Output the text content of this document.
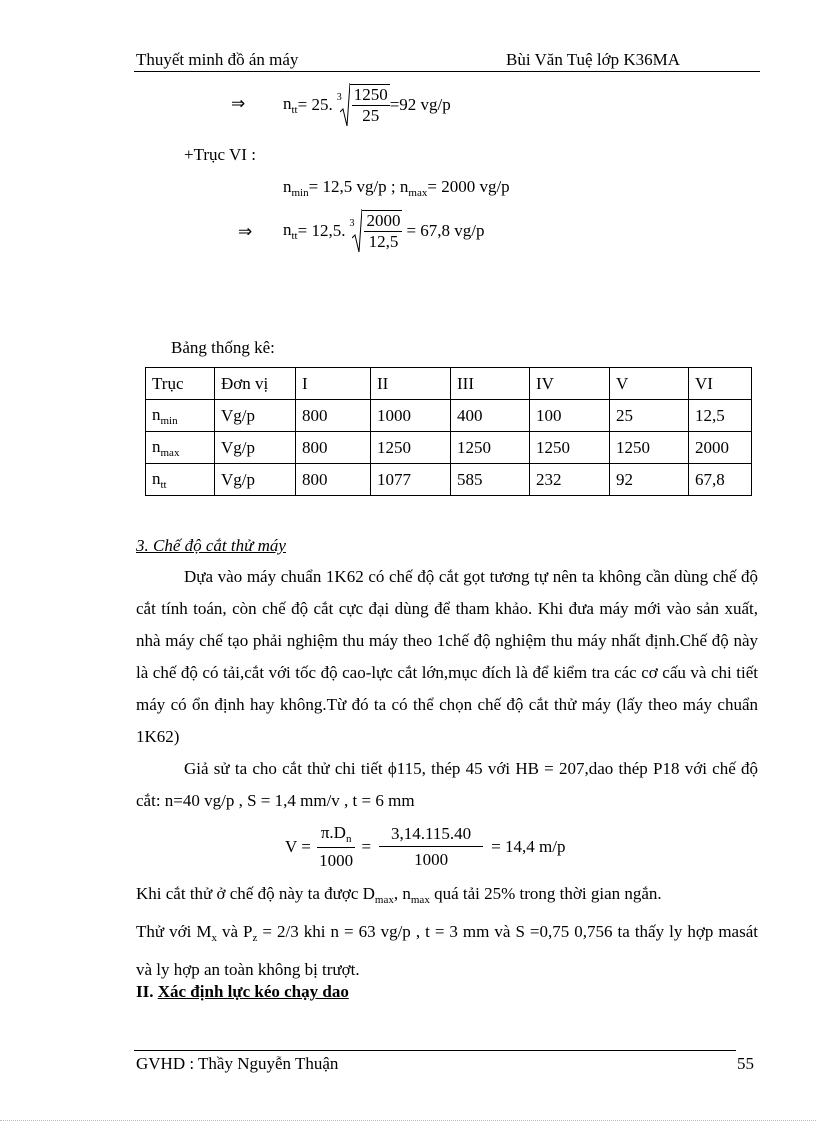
Thuyết minh đồ án máy	Bùi Văn Tuệ lớp K36MA
⇒ $n_{tt} = 25$. $3 \frac{1250}{25} =92$ vg/p
+Trục VI :
$n_{min}= 12,5$ vg/p ; $n_{max}= 2000$ vg/p
⇒ $n_{tt} = 12,5$. $3 \frac{2000}{12,5} = 67,8$ vg/p
Bảng thống kê:
Trục	Đơn vị	I	II	III	IV	V	VI
$n_{min}$	Vg/p	800	1000	400	100	25	12,5
$n_{max}$	Vg/p	800	1250	1250	1250	1250	2000
$n_{tt}$	Vg/p	800	1077	585	232	92	67,8
3. Chế độ cắt thử máy

Dựa vào máy chuẩn 1K62 có chế độ cắt gọt tương tự nên ta không cần dùng chế độ cắt tính toán, còn chế độ cắt cực đại dùng để tham khảo. Khi đưa máy mới vào sản xuất, nhà máy chế tạo phải nghiệm thu máy theo 1chế độ nghiệm thu máy nhất định.Chế độ này là chế độ có tải,cắt với tốc độ cao-lực cắt lớn,mục đích là để kiểm tra các cơ cấu và chi tiết máy có ổn định hay không.Từ đó ta có thể chọn chế độ cắt thử máy (lấy theo máy chuẩn 1K62)

Giả sử ta cho cắt thử chi tiết ϕ115, thép 45 với HB = 207,dao thép P18 với chế độ cắt: n=40 vg/p , S = 1,4 mm/v , t = 6 mm

$V = \frac{\pi.D_n}{1000} = \frac{3,14.115.40}{1000} = 14,4$ m/p

Khi cắt thử ở chế độ này ta được $D_{max}$, $n_{max}$ quá tải 25% trong thời gian ngắn.

Thử với $M_x$ và $P_z = 2/3$ khi n = 63 vg/p , t = 3 mm và S =0,75 0,756 ta thấy ly hợp masát và ly hợp an toàn không bị trượt.

II. Xác định lực kéo chạy dao
GVHD : Thầy Nguyễn Thuận	55
